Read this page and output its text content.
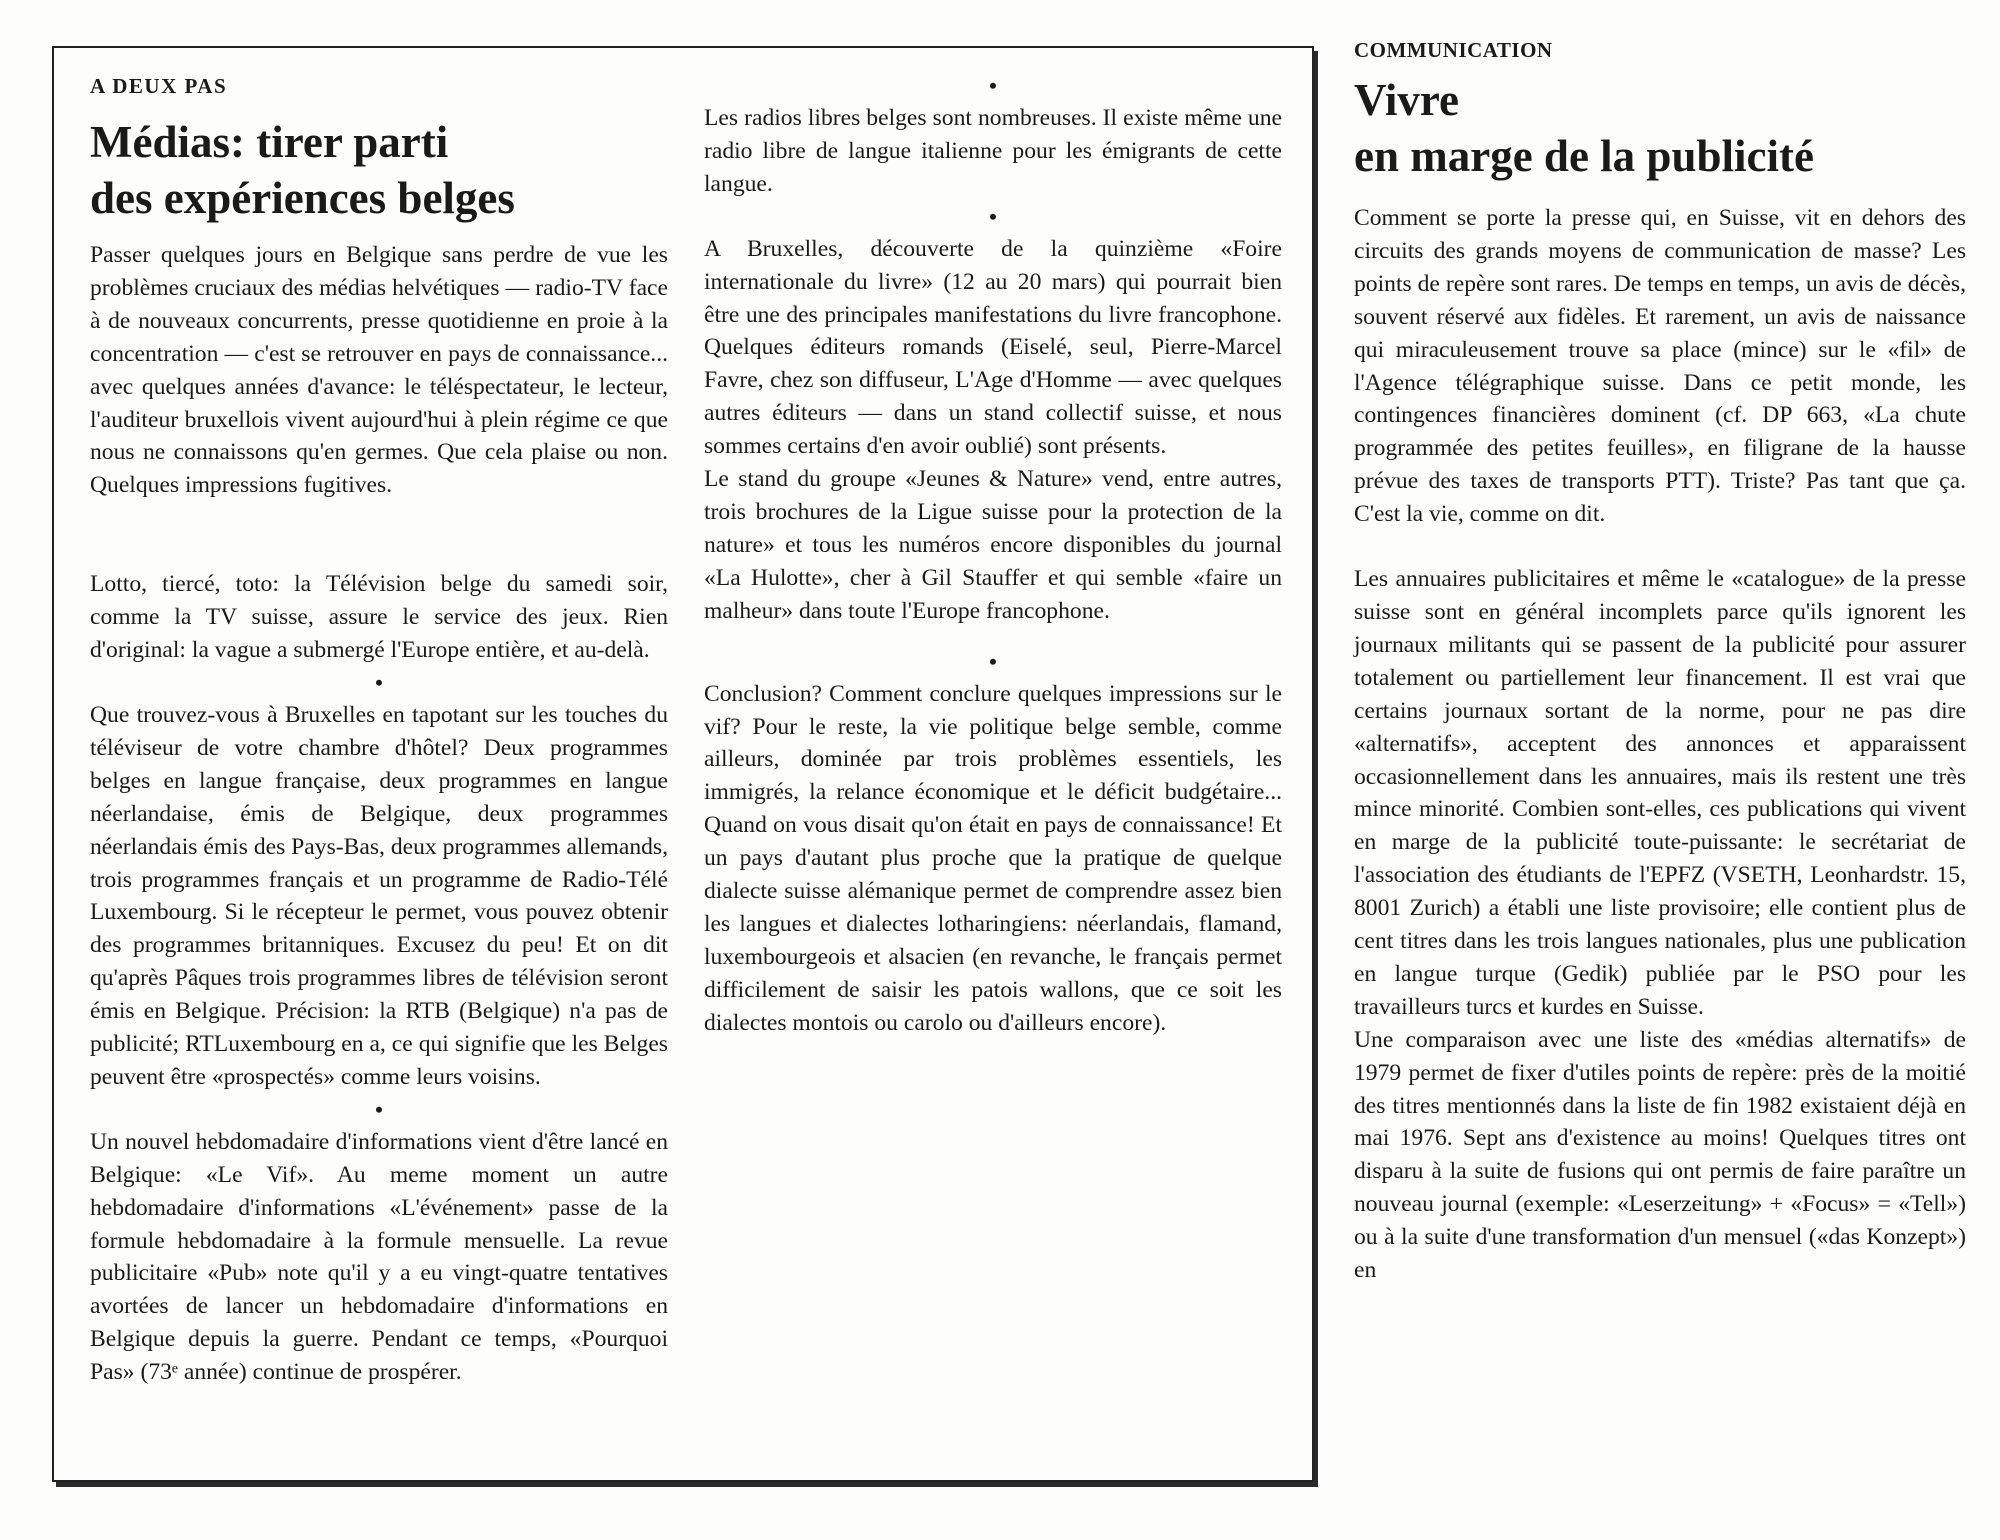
A DEUX PAS
Médias: tirer parti
des expériences belges

Passer quelques jours en Belgique sans perdre de vue les problèmes cruciaux des médias helvétiques — radio-TV face à de nouveaux concurrents, presse quotidienne en proie à la concentration — c'est se retrouver en pays de connaissance... avec quelques années d'avance: le téléspectateur, le lecteur, l'auditeur bruxellois vivent aujourd'hui à plein régime ce que nous ne connaissons qu'en germes. Que cela plaise ou non. Quelques impressions fugitives.

Lotto, tiercé, toto: la Télévision belge du samedi soir, comme la TV suisse, assure le service des jeux. Rien d'original: la vague a submergé l'Europe entière, et au-delà.

•

Que trouvez-vous à Bruxelles en tapotant sur les touches du téléviseur de votre chambre d'hôtel? Deux programmes belges en langue française, deux programmes en langue néerlandaise, émis de Belgique, deux programmes néerlandais émis des Pays-Bas, deux programmes allemands, trois programmes français et un programme de Radio-Télé Luxembourg. Si le récepteur le permet, vous pouvez obtenir des programmes britanniques. Excusez du peu! Et on dit qu'après Pâques trois programmes libres de télévision seront émis en Belgique. Précision: la RTB (Belgique) n'a pas de publicité; RTLuxembourg en a, ce qui signifie que les Belges peuvent être «prospectés» comme leurs voisins.

•

Un nouvel hebdomadaire d'informations vient d'être lancé en Belgique: «Le Vif». Au meme moment un autre hebdomadaire d'informations «L'événement» passe de la formule hebdomadaire à la formule mensuelle. La revue publicitaire «Pub» note qu'il y a eu vingt-quatre tentatives avortées de lancer un hebdomadaire d'informations en Belgique depuis la guerre. Pendant ce temps, «Pourquoi Pas» (73ᵉ année) continue de prospérer.

•

Les radios libres belges sont nombreuses. Il existe même une radio libre de langue italienne pour les émigrants de cette langue.

•

A Bruxelles, découverte de la quinzième «Foire internationale du livre» (12 au 20 mars) qui pourrait bien être une des principales manifestations du livre francophone. Quelques éditeurs romands (Eiselé, seul, Pierre-Marcel Favre, chez son diffuseur, L'Age d'Homme — avec quelques autres éditeurs — dans un stand collectif suisse, et nous sommes certains d'en avoir oublié) sont présents.

Le stand du groupe «Jeunes & Nature» vend, entre autres, trois brochures de la Ligue suisse pour la protection de la nature» et tous les numéros encore disponibles du journal «La Hulotte», cher à Gil Stauffer et qui semble «faire un malheur» dans toute l'Europe francophone.

•

Conclusion? Comment conclure quelques impressions sur le vif? Pour le reste, la vie politique belge semble, comme ailleurs, dominée par trois problèmes essentiels, les immigrés, la relance économique et le déficit budgétaire... Quand on vous disait qu'on était en pays de connaissance! Et un pays d'autant plus proche que la pratique de quelque dialecte suisse alémanique permet de comprendre assez bien les langues et dialectes lotharingiens: néerlandais, flamand, luxembourgeois et alsacien (en revanche, le français permet difficilement de saisir les patois wallons, que ce soit les dialectes montois ou carolo ou d'ailleurs encore).

COMMUNICATION
Vivre
en marge de la publicité

Comment se porte la presse qui, en Suisse, vit en dehors des circuits des grands moyens de communication de masse? Les points de repère sont rares. De temps en temps, un avis de décès, souvent réservé aux fidèles. Et rarement, un avis de naissance qui miraculeusement trouve sa place (mince) sur le «fil» de l'Agence télégraphique suisse. Dans ce petit monde, les contingences financières dominent (cf. DP 663, «La chute programmée des petites feuilles», en filigrane de la hausse prévue des taxes de transports PTT). Triste? Pas tant que ça. C'est la vie, comme on dit.

Les annuaires publicitaires et même le «catalogue» de la presse suisse sont en général incomplets parce qu'ils ignorent les journaux militants qui se passent de la publicité pour assurer totalement ou partiellement leur financement. Il est vrai que certains journaux sortant de la norme, pour ne pas dire «alternatifs», acceptent des annonces et apparaissent occasionnellement dans les annuaires, mais ils restent une très mince minorité. Combien sont-elles, ces publications qui vivent en marge de la publicité toute-puissante: le secrétariat de l'association des étudiants de l'EPFZ (VSETH, Leonhardstr. 15, 8001 Zurich) a établi une liste provisoire; elle contient plus de cent titres dans les trois langues nationales, plus une publication en langue turque (Gedik) publiée par le PSO pour les travailleurs turcs et kurdes en Suisse.

Une comparaison avec une liste des «médias alternatifs» de 1979 permet de fixer d'utiles points de repère: près de la moitié des titres mentionnés dans la liste de fin 1982 existaient déjà en mai 1976. Sept ans d'existence au moins! Quelques titres ont disparu à la suite de fusions qui ont permis de faire paraître un nouveau journal (exemple: «Leserzeitung» + «Focus» = «Tell») ou à la suite d'une transformation d'un mensuel («das Konzept») en
